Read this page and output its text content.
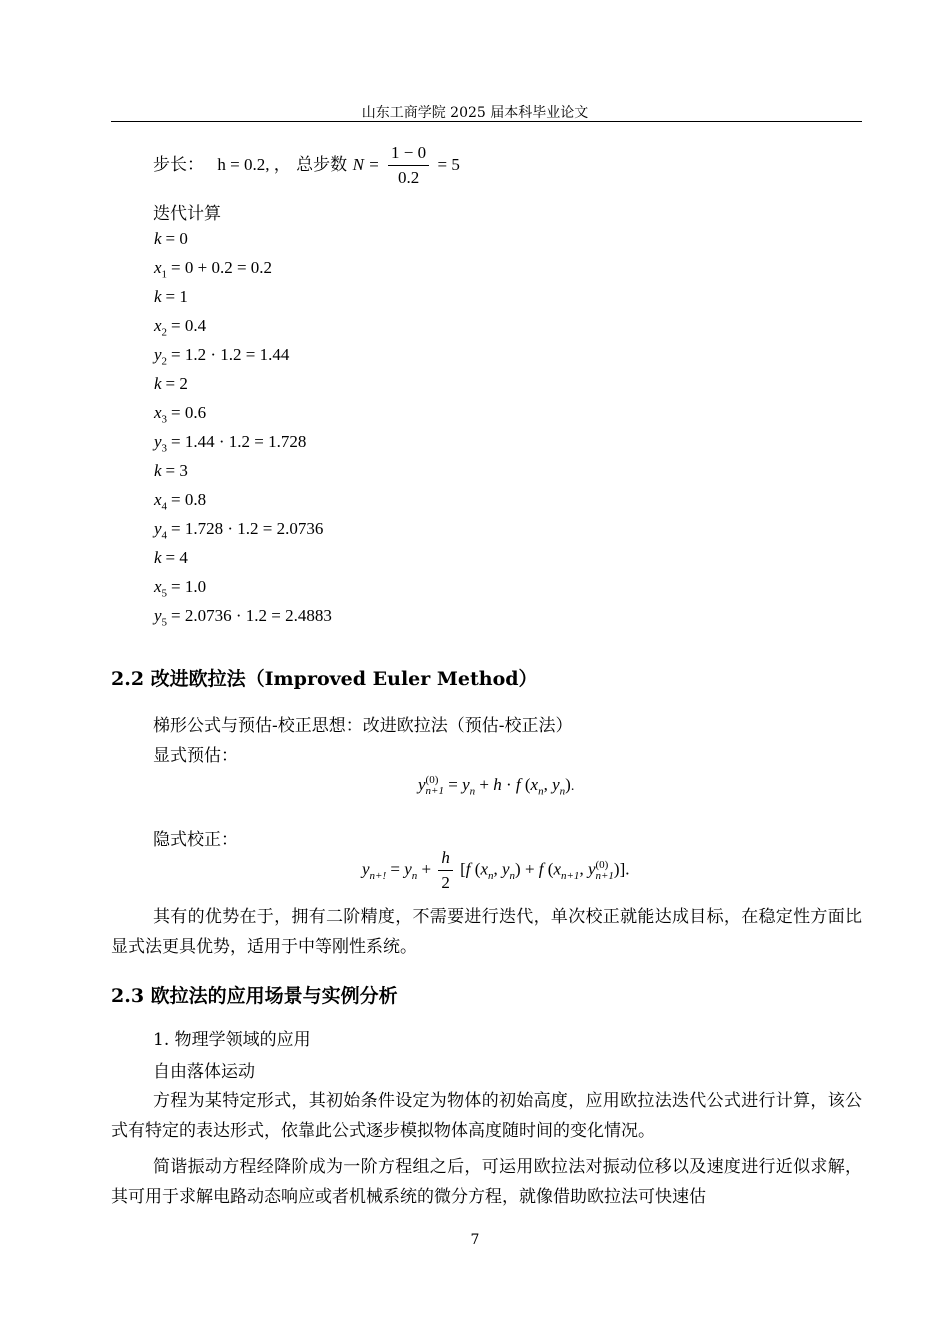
山东工商学院 2025 届本科毕业论文
步长： h = 0.2, ， 总步数 $N = \frac{1 - 0}{0.2} = 5$
迭代计算
k = 0
$x_1 = 0 + 0.2 = 0.2$
k = 1
$x_2 = 0.4$
$y_2 = 1.2 \cdot 1.2 = 1.44$
k = 2
$x_3 = 0.6$
$y_3 = 1.44 \cdot 1.2 = 1.728$
k = 3
$x_4 = 0.8$
$y_4 = 1.728 \cdot 1.2 = 2.0736$
k = 4
$x_5 = 1.0$
$y_5 = 2.0736 \cdot 1.2 = 2.4883$
2.2 改进欧拉法（Improved Euler Method）
梯形公式与预估-校正思想：改进欧拉法（预估-校正法）
显式预估：
y (0)
$n+1 = y_n + h \cdot f$ ($x_n$, $y_n$).
隐式校正：
$y_{n+!} = y_n + \frac{h}{2} [f$ ($x_n$, $y_n) + f$ ($x_{n+1}$, y (0)
n+1 )].
其有的优势在于，拥有二阶精度，不需要进行迭代，单次校正就能达成目标，在稳定性方面比显式法更具优势，适用于中等刚性系统。
2.3 欧拉法的应用场景与实例分析
1. 物理学领域的应用
自由落体运动
方程为某特定形式，其初始条件设定为物体的初始高度，应用欧拉法迭代公式进行计算，该公式有特定的表达形式，依靠此公式逐步模拟物体高度随时间的变化情况。
简谐振动方程经降阶成为一阶方程组之后，可运用欧拉法对振动位移以及速度进行近似求解，其可用于求解电路动态响应或者机械系统的微分方程，就像借助欧拉法可快速估
7
